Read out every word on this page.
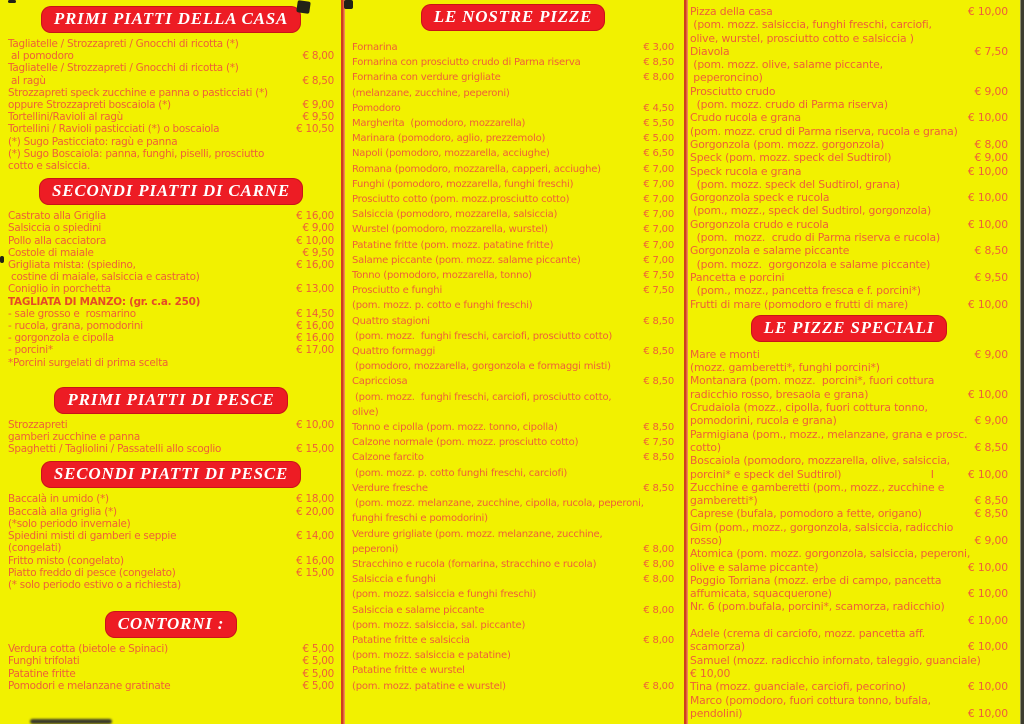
PRIMI PIATTI DELLA CASA
Tagliatelle / Strozzapreti / Gnocchi di ricotta (*)
al pomodoro	€ 8,00
Tagliatelle / Strozzapreti / Gnocchi di ricotta (*)
al ragù	€ 8,50
Strozzapreti speck zucchine e panna o pasticciati (*)
oppure Strozzapreti boscaiola (*)	€ 9,00
Tortellini/Ravioli al ragù	€ 9,50
Tortellini / Ravioli pasticciati (*) o boscaiola	€ 10,50
(*) Sugo Pasticciato: ragù e panna
(*) Sugo Boscaiola: panna, funghi, piselli, prosciutto
cotto e salsiccia.
SECONDI PIATTI DI CARNE
Castrato alla Griglia	€ 16,00
Salsiccia o spiedini	€ 9,00
Pollo alla cacciatora	€ 10,00
Costole di maiale	€ 9,50
Grigliata mista: (spiedino,	€ 16,00
costine di maiale, salsiccia e castrato)
Coniglio in porchetta	€ 13,00
TAGLIATA DI MANZO: (gr. c.a. 250)
- sale grosso e  rosmarino	€ 14,50
- rucola, grana, pomodorini	€ 16,00
- gorgonzola e cipolla	€ 16,00
- porcini*	€ 17,00
*Porcini surgelati di prima scelta
PRIMI PIATTI DI PESCE
Strozzapreti	€ 10,00
gamberi zucchine e panna
Spaghetti / Tagliolini / Passatelli allo scoglio	€ 15,00
SECONDI PIATTI DI PESCE
Baccalà in umido (*)	€ 18,00
Baccalà alla griglia (*)	€ 20,00
(*solo periodo invernale)
Spiedini misti di gamberi e seppie	€ 14,00
(congelati)
Fritto misto (congelato)	€ 16,00
Piatto freddo di pesce (congelato)	€ 15,00
(* solo periodo estivo o a richiesta)
CONTORNI :
Verdura cotta (bietole e Spinaci)	€ 5,00
Funghi trifolati	€ 5,00
Patatine fritte	€ 5,00
Pomodori e melanzane gratinate	€ 5,00
LE NOSTRE PIZZE
Fornarina	€ 3,00
Fornarina con prosciutto crudo di Parma riserva	€ 8,50
Fornarina con verdure grigliate	€ 8,00
(melanzane, zucchine, peperoni)
Pomodoro	€ 4,50
Margherita  (pomodoro, mozzarella)	€ 5,50
Marinara (pomodoro, aglio, prezzemolo)	€ 5,00
Napoli (pomodoro, mozzarella, acciughe)	€ 6,50
Romana (pomodoro, mozzarella, capperi, acciughe)	€ 7,00
Funghi (pomodoro, mozzarella, funghi freschi)	€ 7,00
Prosciutto cotto (pom. mozz.prosciutto cotto)	€ 7,00
Salsiccia (pomodoro, mozzarella, salsiccia)	€ 7,00
Wurstel (pomodoro, mozzarella, wurstel)	€ 7,00
Patatine fritte (pom. mozz. patatine fritte)	€ 7,00
Salame piccante (pom. mozz. salame piccante)	€ 7,00
Tonno (pomodoro, mozzarella, tonno)	€ 7,50
Prosciutto e funghi	€ 7,50
(pom. mozz. p. cotto e funghi freschi)
Quattro stagioni	€ 8,50
(pom. mozz.  funghi freschi, carciofi, prosciutto cotto)
Quattro formaggi	€ 8,50
(pomodoro, mozzarella, gorgonzola e formaggi misti)
Capricciosa	€ 8,50
(pom. mozz.  funghi freschi, carciofi, prosciutto cotto,
olive)
Tonno e cipolla (pom. mozz. tonno, cipolla)	€ 8,50
Calzone normale (pom. mozz. prosciutto cotto)	€ 7,50
Calzone farcito	€ 8,50
(pom. mozz. p. cotto funghi freschi, carciofi)
Verdure fresche	€ 8,50
(pom. mozz. melanzane, zucchine, cipolla, rucola, peperoni,
funghi freschi e pomodorini)
Verdure grigliate (pom. mozz. melanzane, zucchine,
peperoni)	€ 8,00
Stracchino e rucola (fornarina, stracchino e rucola)	€ 8,00
Salsiccia e funghi	€ 8,00
(pom. mozz. salsiccia e funghi freschi)
Salsiccia e salame piccante	€ 8,00
(pom. mozz. salsiccia, sal. piccante)
Patatine fritte e salsiccia	€ 8,00
(pom. mozz. salsiccia e patatine)
Patatine fritte e wurstel
(pom. mozz. patatine e wurstel)	€ 8,00
Pizza della casa	€ 10,00
(pom. mozz. salsiccia, funghi freschi, carciofi,
olive, wurstel, prosciutto cotto e salsiccia )
Diavola	€ 7,50
(pom. mozz. olive, salame piccante,
peperoncino)
Prosciutto crudo	€ 9,00
(pom. mozz. crudo di Parma riserva)
Crudo rucola e grana	€ 10,00
(pom. mozz. crud di Parma riserva, rucola e grana)
Gorgonzola (pom. mozz. gorgonzola)	€ 8,00
Speck (pom. mozz. speck del Sudtirol)	€ 9,00
Speck rucola e grana	€ 10,00
(pom. mozz. speck del Sudtirol, grana)
Gorgonzola speck e rucola	€ 10,00
(pom., mozz., speck del Sudtirol, gorgonzola)
Gorgonzola crudo e rucola	€ 10,00
(pom.  mozz.  crudo di Parma riserva e rucola)
Gorgonzola e salame piccante	€ 8,50
(pom. mozz.  gorgonzola e salame piccante)
Pancetta e porcini	€ 9,50
(pom., mozz., pancetta fresca e f. porcini*)
Frutti di mare (pomodoro e frutti di mare)	€ 10,00
LE PIZZE SPECIALI
Mare e monti	€ 9,00
(mozz. gamberetti*, funghi porcini*)
Montanara (pom. mozz.  porcini*, fuori cottura
radicchio rosso, bresaola e grana)	€ 10,00
Crudaiola (mozz., cipolla, fuori cottura tonno,
pomodorini, rucola e grana)	€ 9,00
Parmigiana (pom., mozz., melanzane, grana e prosc.
cotto)	€ 8,50
Boscaiola (pomodoro, mozzarella, olive, salsiccia,
porcini* e speck del Sudtirol)	I	€ 10,00
Zucchine e gamberetti (pom., mozz., zucchine e
gamberetti*)	€ 8,50
Caprese (bufala, pomodoro a fette, origano)	€ 8,50
Gim (pom., mozz., gorgonzola, salsiccia, radicchio
rosso)	€ 9,00
Atomica (pom. mozz. gorgonzola, salsiccia, peperoni,
olive e salame piccante)	€ 10,00
Poggio Torriana (mozz. erbe di campo, pancetta
affumicata, squacquerone)	€ 10,00
Nr. 6 (pom.bufala, porcini*, scamorza, radicchio)
€ 10,00
Adele (crema di carciofo, mozz. pancetta aff.
scamorza)	€ 10,00
Samuel (mozz. radicchio infornato, taleggio, guanciale)
€ 10,00
Tina (mozz. guanciale, carciofi, pecorino)	€ 10,00
Marco (pomodoro, fuori cottura tonno, bufala,
pendolini)	€ 10,00
